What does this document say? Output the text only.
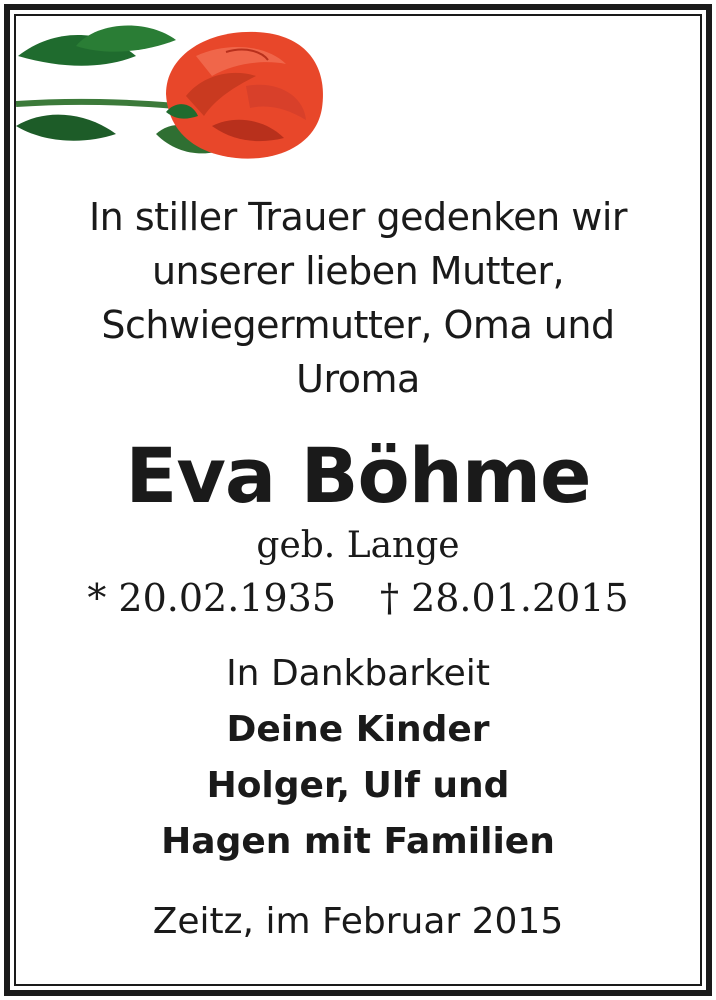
In stiller Trauer gedenken wir
unserer lieben Mutter,
Schwiegermutter, Oma und
Uroma
Eva Böhme
geb. Lange
* 20.02.1935 † 28.01.2015
In Dankbarkeit
Deine Kinder
Holger, Ulf und
Hagen mit Familien
Zeitz, im Februar 2015
